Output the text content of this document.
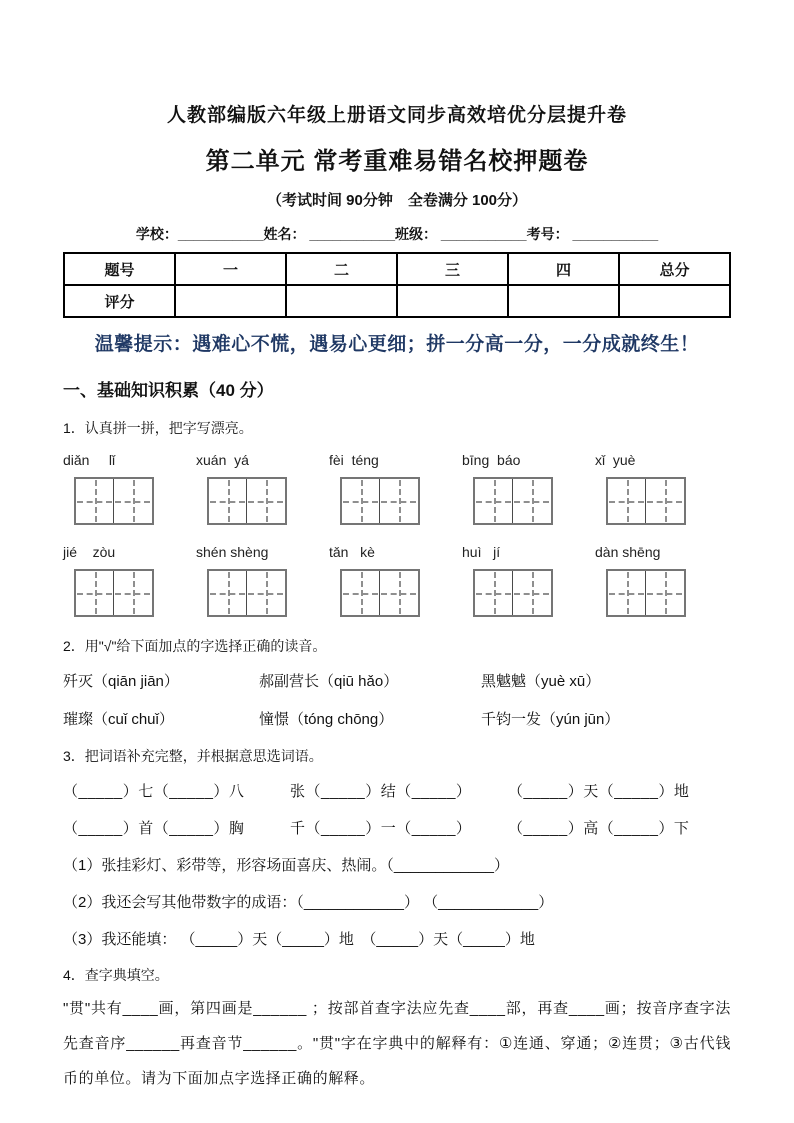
人教部编版六年级上册语文同步高效培优分层提升卷
第二单元 常考重难易错名校押题卷
（考试时间 90分钟　全卷满分 100分）
学校：___________姓名： ___________班级： ___________考号： ___________
题号	一	二	三	四	总分
评分					
温馨提示：遇难心不慌，遇易心更细；拼一分高一分，一分成就终生！
一、基础知识积累（40 分）
1．认真拼一拼，把字写漂亮。
diǎn     lǐ	xuán  yá	fèi  téng	bīng  báo	xǐ  yuè
jié    zòu	shén shèng	tǎn   kè	huì   jí	dàn shēng
2．用"√"给下面加点的字选择正确的读音。
歼灭（qiān jiān）	郝副营长（qiū hǎo）	黑魆魆（yuè xū）
璀璨（cuǐ chuǐ）	憧憬（tóng chōng）	千钧一发（yún jūn）
3．把词语补充完整，并根据意思选词语。
（_____）七（_____）八	张（_____）结（_____）	（_____）天（_____）地
（_____）首（_____）胸	千（_____）一（_____）	（_____）高（_____）下
（1）张挂彩灯、彩带等，形容场面喜庆、热闹。（____________）
（2）我还会写其他带数字的成语：（____________） （____________）
（3）我还能填： （_____）天（_____）地　（_____）天（_____）地
4．查字典填空。

"贯"共有____画，第四画是______ ；按部首查字法应先查____部，再查____画；按音序查字法先查音序______再查音节______。"贯"字在字典中的解释有：①连通、穿通；②连贯；③古代钱币的单位。请为下面加点字选择正确的解释。
